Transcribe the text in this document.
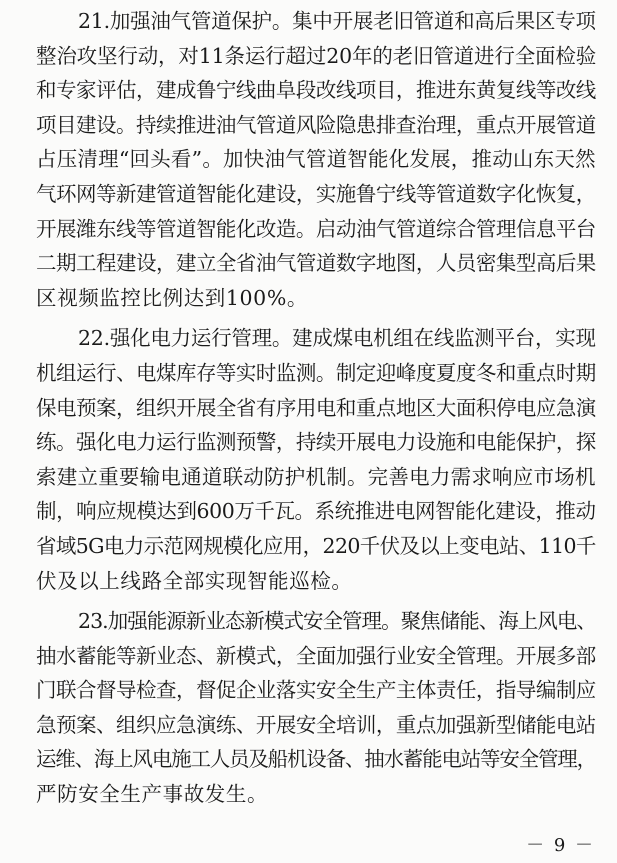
21.加强油气管道保护。集中开展老旧管道和高后果区专项
整治攻坚行动，对11条运行超过20年的老旧管道进行全面检验
和专家评估，建成鲁宁线曲阜段改线项目，推进东黄复线等改线
项目建设。持续推进油气管道风险隐患排查治理，重点开展管道
占压清理“回头看”。加快油气管道智能化发展，推动山东天然
气环网等新建管道智能化建设，实施鲁宁线等管道数字化恢复，
开展潍东线等管道智能化改造。启动油气管道综合管理信息平台
二期工程建设，建立全省油气管道数字地图，人员密集型高后果
区视频监控比例达到100%。
22.强化电力运行管理。建成煤电机组在线监测平台，实现
机组运行、电煤库存等实时监测。制定迎峰度夏度冬和重点时期
保电预案，组织开展全省有序用电和重点地区大面积停电应急演
练。强化电力运行监测预警，持续开展电力设施和电能保护，探
索建立重要输电通道联动防护机制。完善电力需求响应市场机
制，响应规模达到600万千瓦。系统推进电网智能化建设，推动
省域5G电力示范网规模化应用，220千伏及以上变电站、110千
伏及以上线路全部实现智能巡检。
23.加强能源新业态新模式安全管理。聚焦储能、海上风电、
抽水蓄能等新业态、新模式，全面加强行业安全管理。开展多部
门联合督导检查，督促企业落实安全生产主体责任，指导编制应
急预案、组织应急演练、开展安全培训，重点加强新型储能电站
运维、海上风电施工人员及船机设备、抽水蓄能电站等安全管理，
严防安全生产事故发生。
－ 9 －
